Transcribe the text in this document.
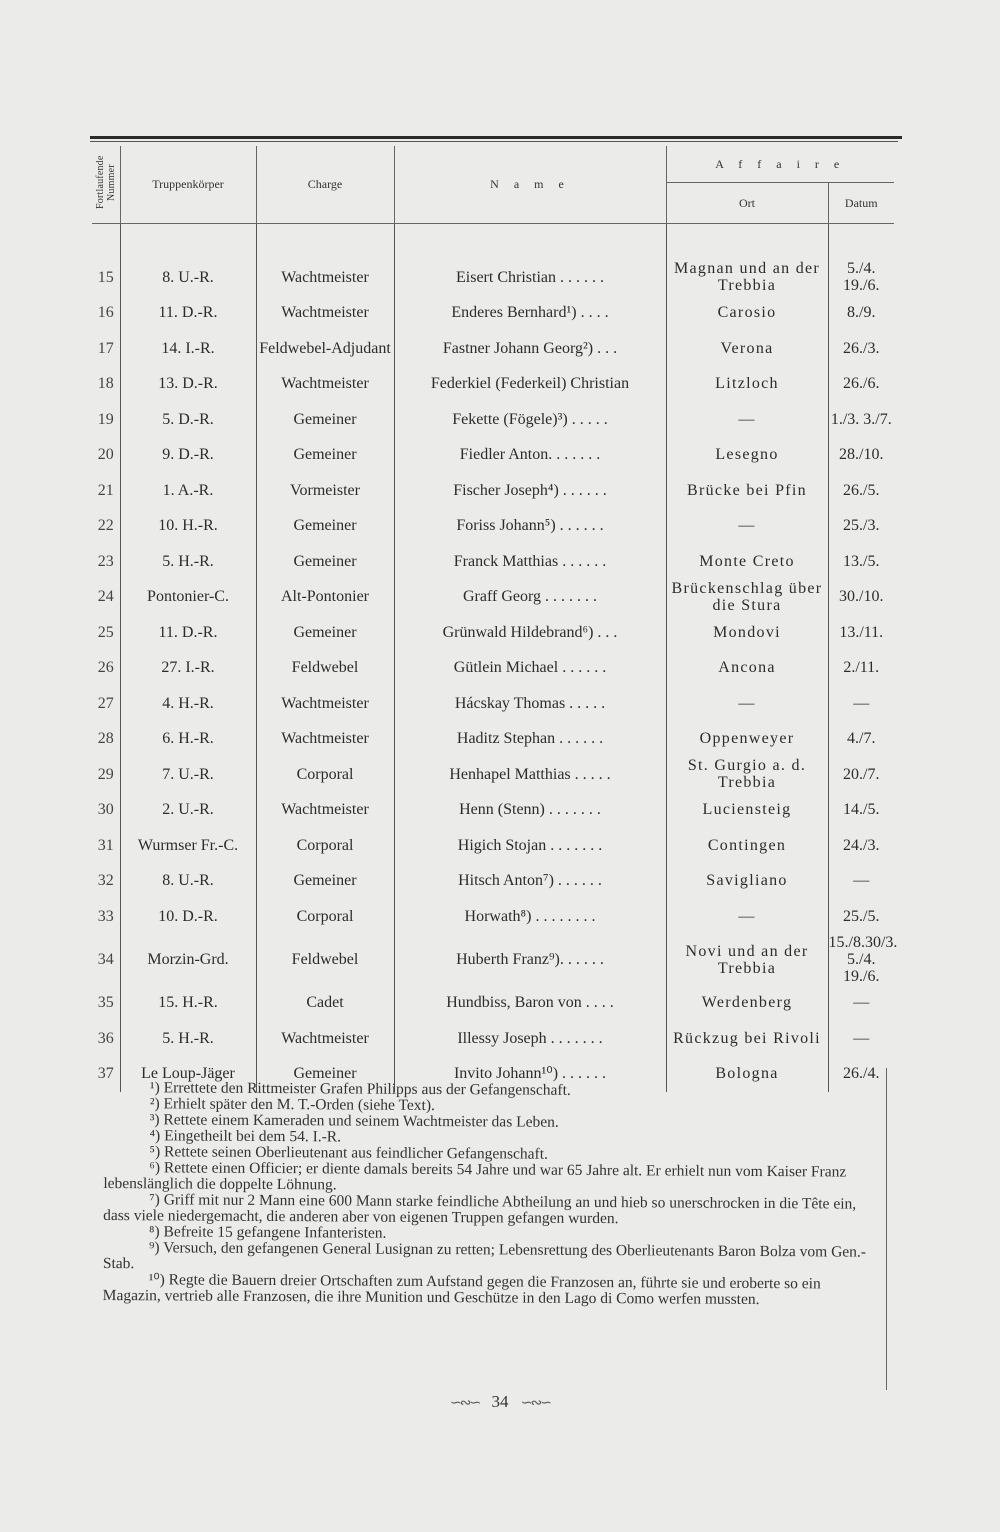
Fortlaufende Nummer	Truppenkörper	Charge	N a m e	A f f a i r e	
				Ort	Datum

15	8. U.-R.	Wachtmeister	Eisert Christian . . . . . .	Magnan und an der Trebbia	5./4. 19./6.
16	11. D.-R.	Wachtmeister	Enderes Bernhard¹) . . . .	Carosio	8./9.
17	14. I.-R.	Feldwebel-Adjudant	Fastner Johann Georg²) . . .	Verona	26./3.
18	13. D.-R.	Wachtmeister	Federkiel (Federkeil) Christian	Litzloch	26./6.
19	5. D.-R.	Gemeiner	Fekette (Fögele)³) . . . . .	—	1./3. 3./7.
20	9. D.-R.	Gemeiner	Fiedler Anton. . . . . . .	Lesegno	28./10.
21	1. A.-R.	Vormeister	Fischer Joseph⁴) . . . . . .	Brücke bei Pfin	26./5.
22	10. H.-R.	Gemeiner	Foriss Johann⁵) . . . . . .	—	25./3.
23	5. H.-R.	Gemeiner	Franck Matthias . . . . . .	Monte Creto	13./5.
24	Pontonier-C.	Alt-Pontonier	Graff Georg . . . . . . .	Brückenschlag über die Stura	30./10.
25	11. D.-R.	Gemeiner	Grünwald Hildebrand⁶) . . .	Mondovi	13./11.
26	27. I.-R.	Feldwebel	Gütlein Michael . . . . . .	Ancona	2./11.
27	4. H.-R.	Wachtmeister	Hácskay Thomas . . . . .	—	—
28	6. H.-R.	Wachtmeister	Haditz Stephan . . . . . .	Oppenweyer	4./7.
29	7. U.-R.	Corporal	Henhapel Matthias . . . . .	St. Gurgio a. d. Trebbia	20./7.
30	2. U.-R.	Wachtmeister	Henn (Stenn) . . . . . . .	Luciensteig	14./5.
31	Wurmser Fr.-C.	Corporal	Higich Stojan . . . . . . .	Contingen	24./3.
32	8. U.-R.	Gemeiner	Hitsch Anton⁷) . . . . . .	Savigliano	—
33	10. D.-R.	Corporal	Horwath⁸) . . . . . . . .	—	25./5.
34	Morzin-Grd.	Feldwebel	Huberth Franz⁹). . . . . .	Novi und an der Trebbia	15./8.30/3. 5./4. 19./6.
35	15. H.-R.	Cadet	Hundbiss, Baron von . . . .	Werdenberg	—
36	5. H.-R.	Wachtmeister	Illessy Joseph . . . . . . .	Rückzug bei Rivoli	—
37	Le Loup-Jäger	Gemeiner	Invito Johann¹⁰) . . . . . .	Bologna	26./4.

¹) Errettete den Rittmeister Grafen Philipps aus der Gefangenschaft.

²) Erhielt später den M. T.-Orden (siehe Text).

³) Rettete einem Kameraden und seinem Wachtmeister das Leben.

⁴) Eingetheilt bei dem 54. I.-R.

⁵) Rettete seinen Oberlieutenant aus feindlicher Gefangenschaft.

⁶) Rettete einen Officier; er diente damals bereits 54 Jahre und war 65 Jahre alt. Er erhielt nun vom Kaiser Franz lebenslänglich die doppelte Löhnung.

⁷) Griff mit nur 2 Mann eine 600 Mann starke feindliche Abtheilung an und hieb so unerschrocken in die Tête ein, dass viele niedergemacht, die anderen aber von eigenen Truppen gefangen wurden.

⁸) Befreite 15 gefangene Infanteristen.

⁹) Versuch, den gefangenen General Lusignan zu retten; Lebensrettung des Oberlieutenants Baron Bolza vom Gen.-Stab.

¹⁰) Regte die Bauern dreier Ortschaften zum Aufstand gegen die Franzosen an, führte sie und eroberte so ein Magazin, vertrieb alle Franzosen, die ihre Munition und Geschütze in den Lago di Como werfen mussten.

∽∾∽ 34 ∽∾∽
